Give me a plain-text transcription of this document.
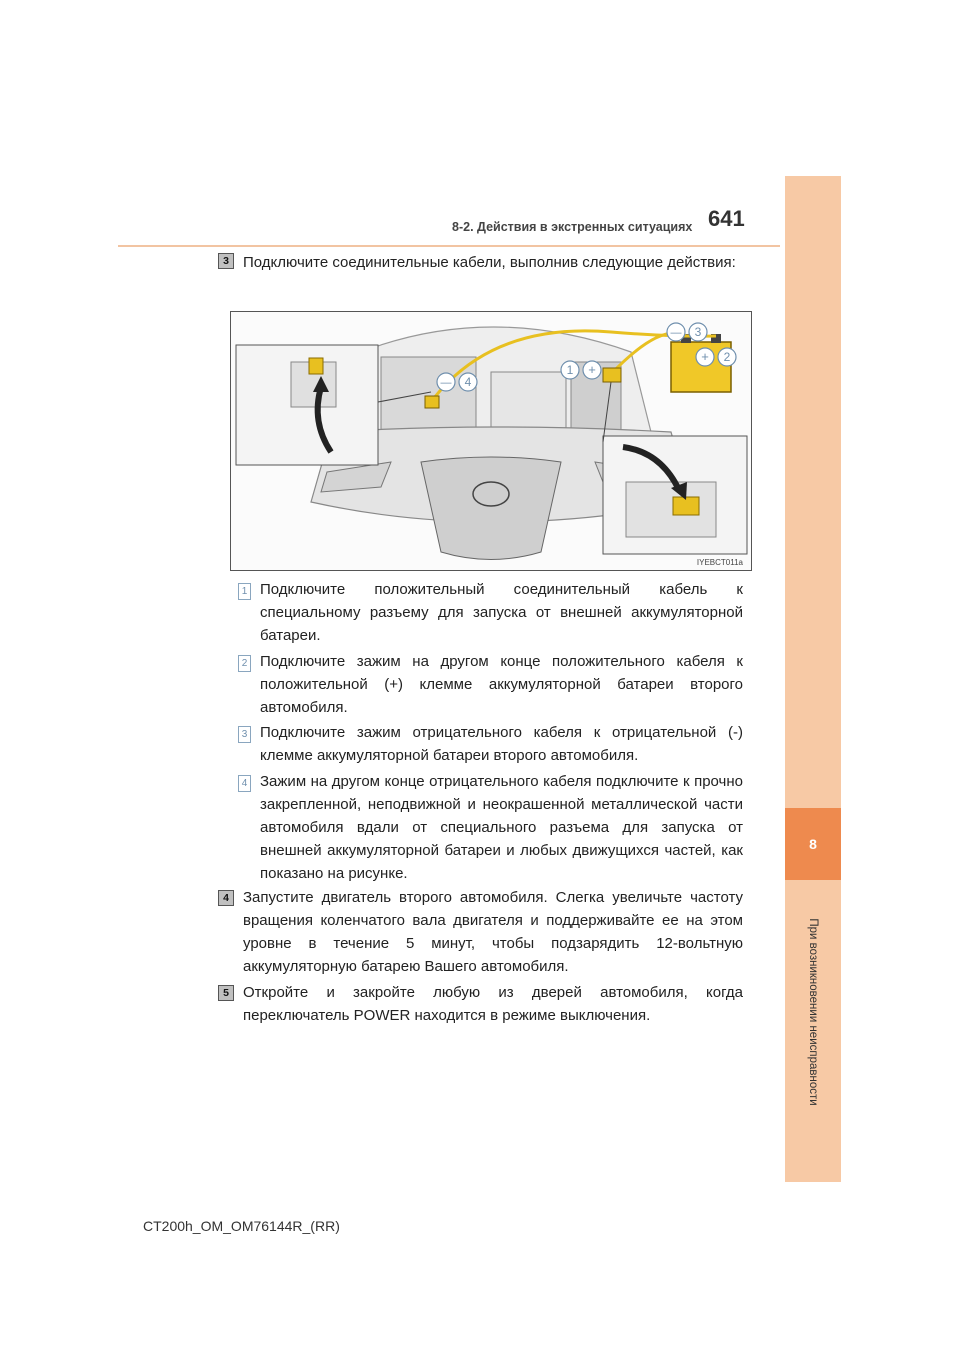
8-2. Действия в экстренных ситуациях 641
8
При возникновении неисправности
3 Подключите соединительные кабели, выполнив следующие действия:
— 3
+ 2
1 +
— 4
IYEBCT011a
1 Подключите положительный соединительный кабель к специальному разъему для запуска от внешней аккумуляторной батареи.
2 Подключите зажим на другом конце положительного кабеля к положительной (+) клемме аккумуляторной батареи второго автомобиля.
3 Подключите зажим отрицательного кабеля к отрицательной (-) клемме аккумуляторной батареи второго автомобиля.
4 Зажим на другом конце отрицательного кабеля подключите к прочно закрепленной, неподвижной и неокрашенной металлической части автомобиля вдали от специального разъема для запуска от внешней аккумуляторной батареи и любых движущихся частей, как показано на рисунке.
4 Запустите двигатель второго автомобиля. Слегка увеличьте частоту вращения коленчатого вала двигателя и поддерживайте ее на этом уровне в течение 5 минут, чтобы подзарядить 12-вольтную аккумуляторную батарею Вашего автомобиля.
5 Откройте и закройте любую из дверей автомобиля, когда переключатель POWER находится в режиме выключения.
CT200h_OM_OM76144R_(RR)
